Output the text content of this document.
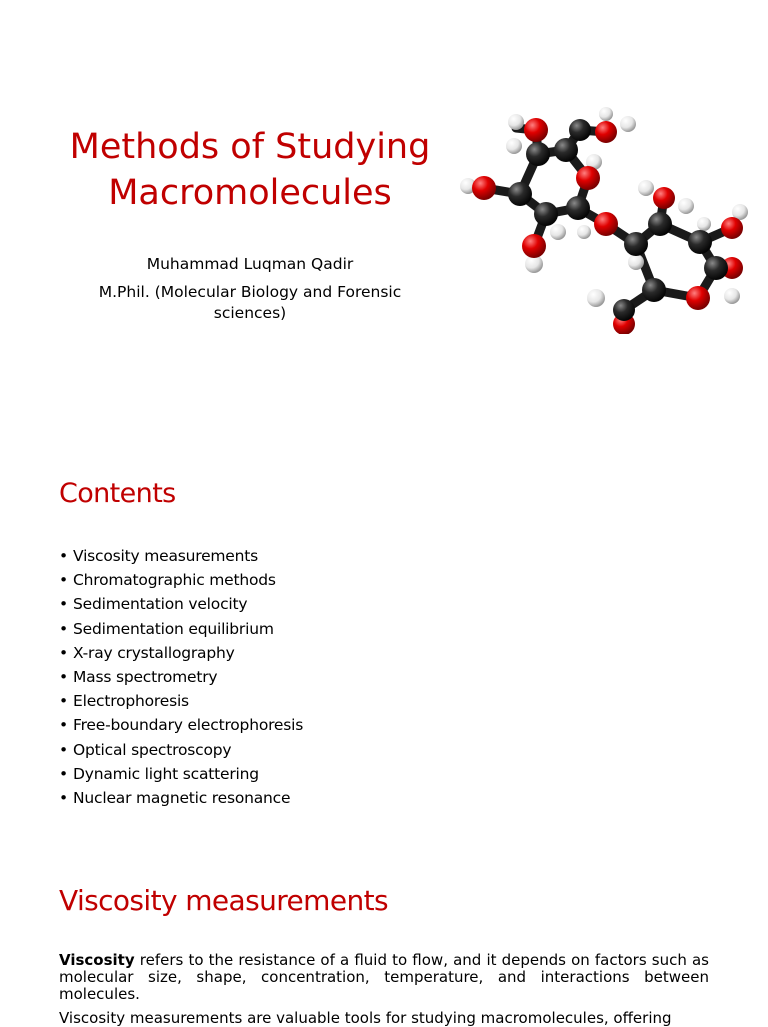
Methods of Studying
Macromolecules
Muhammad Luqman Qadir
M.Phil. (Molecular Biology and Forensic sciences)
Contents
• Viscosity measurements
• Chromatographic methods
• Sedimentation velocity
• Sedimentation equilibrium
• X-ray crystallography
• Mass spectrometry
• Electrophoresis
• Free-boundary electrophoresis
• Optical spectroscopy
• Dynamic light scattering
• Nuclear magnetic resonance
Viscosity measurements

Viscosity refers to the resistance of a fluid to flow, and it depends on factors such as molecular size, shape, concentration, temperature, and interactions between molecules.

Viscosity measurements are valuable tools for studying macromolecules, offering
